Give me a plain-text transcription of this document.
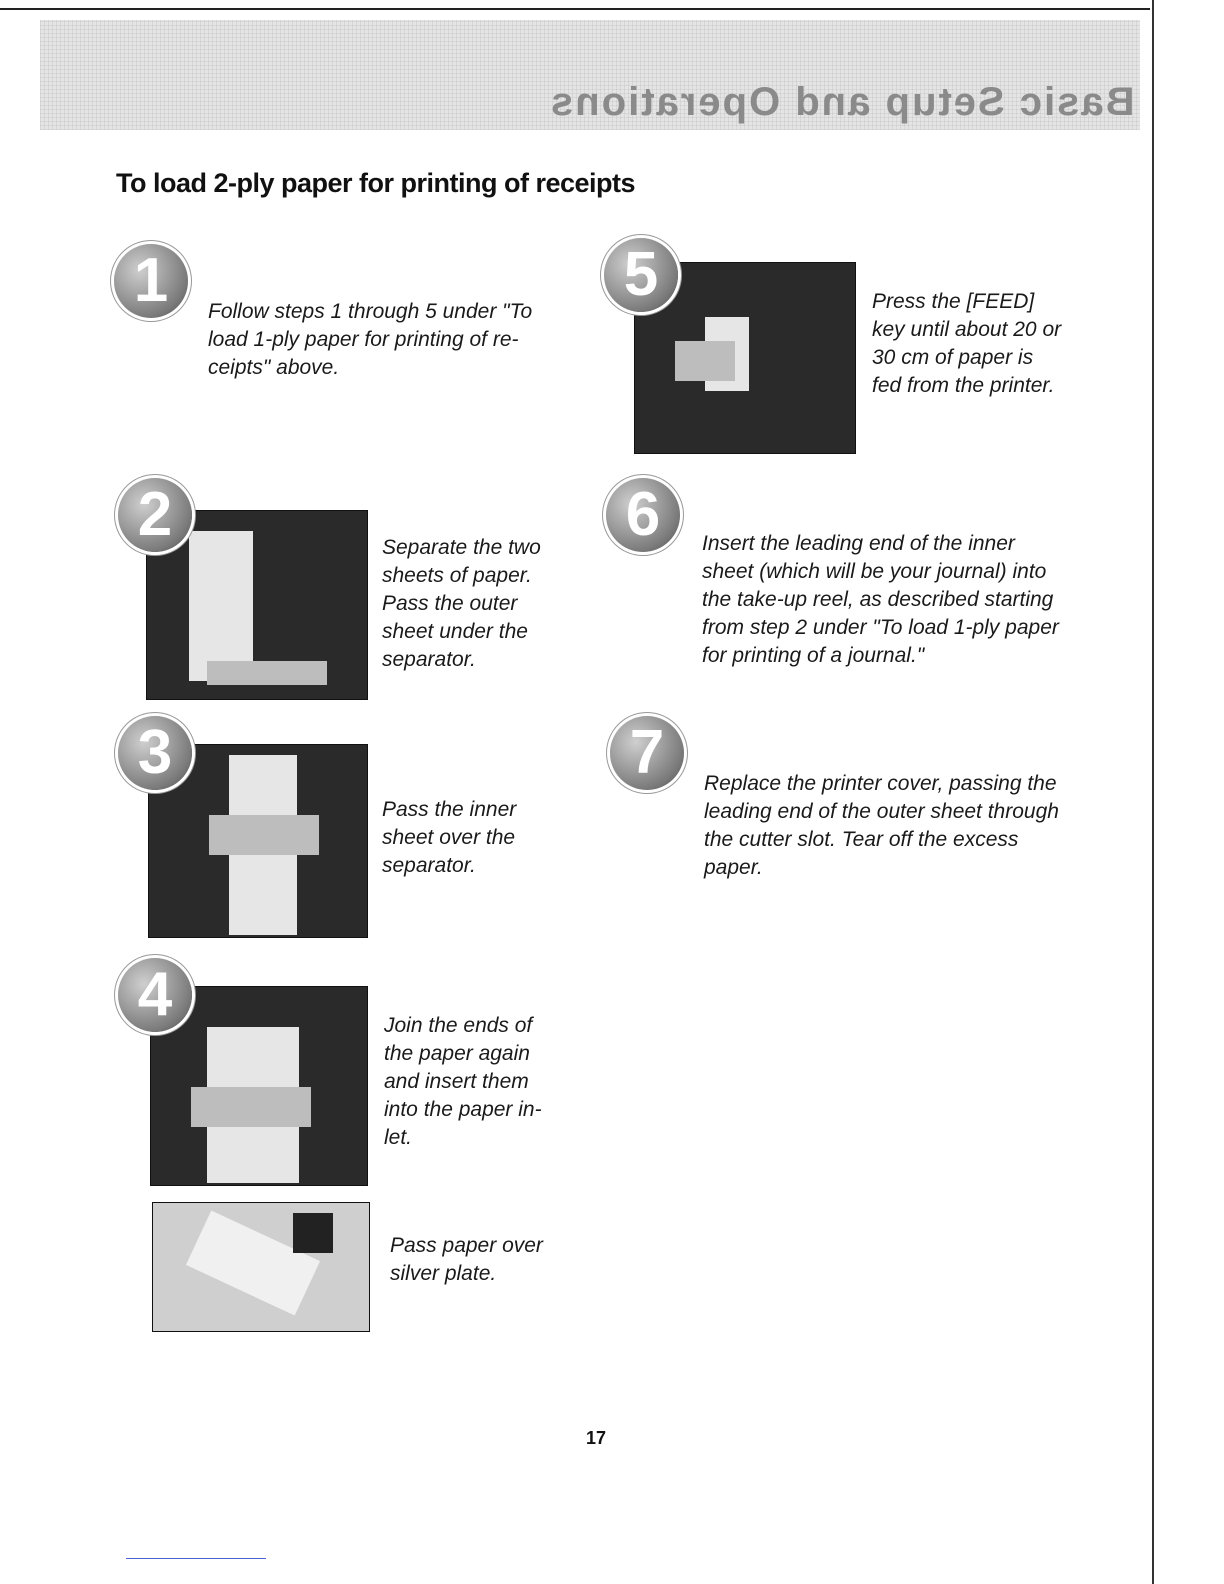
Basic Setup and Operations
To load 2-ply paper for printing of receipts
1	Follow steps 1 through 5 under "To load 1-ply paper for printing of re-ceipts" above.

2	Separate the two sheets of paper. Pass the outer sheet under the separator.

3

Pass the inner sheet over the separator.

4	Join the ends of the paper again and insert them into the paper in-let.

Pass paper over silver plate.

5	Press the [FEED] key until about 20 or 30 cm of paper is fed from the printer.

6	Insert the leading end of the inner sheet (which will be your journal) into the take-up reel, as described starting from step 2 under "To load 1-ply paper for printing of a journal."

7	Replace the printer cover, passing the leading end of the outer sheet through the cutter slot. Tear off the excess paper.

17
